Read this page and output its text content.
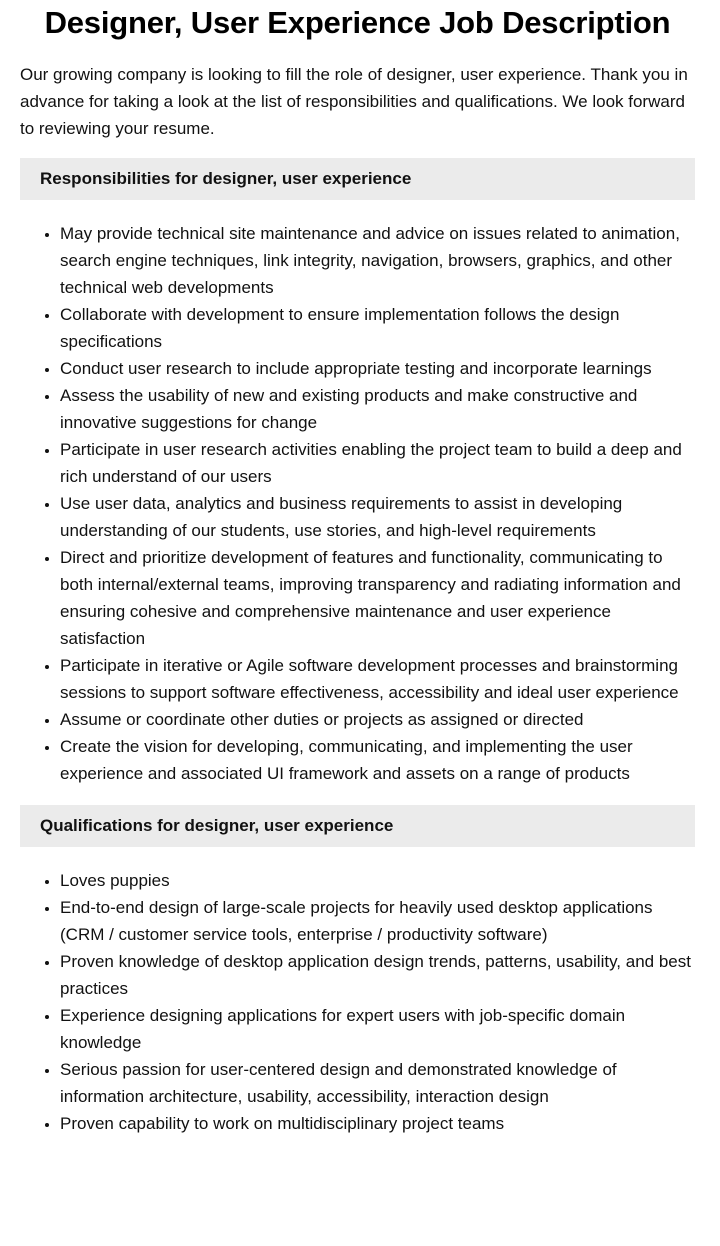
Designer, User Experience Job Description

Our growing company is looking to fill the role of designer, user experience. Thank you in advance for taking a look at the list of responsibilities and qualifications. We look forward to reviewing your resume.

Responsibilities for designer, user experience
• May provide technical site maintenance and advice on issues related to animation, search engine techniques, link integrity, navigation, browsers, graphics, and other technical web developments
• Collaborate with development to ensure implementation follows the design specifications
• Conduct user research to include appropriate testing and incorporate learnings
• Assess the usability of new and existing products and make constructive and innovative suggestions for change
• Participate in user research activities enabling the project team to build a deep and rich understand of our users
• Use user data, analytics and business requirements to assist in developing understanding of our students, use stories, and high-level requirements
• Direct and prioritize development of features and functionality, communicating to both internal/external teams, improving transparency and radiating information and ensuring cohesive and comprehensive maintenance and user experience satisfaction
• Participate in iterative or Agile software development processes and brainstorming sessions to support software effectiveness, accessibility and ideal user experience
• Assume or coordinate other duties or projects as assigned or directed
• Create the vision for developing, communicating, and implementing the user experience and associated UI framework and assets on a range of products
Qualifications for designer, user experience
• Loves puppies
• End-to-end design of large-scale projects for heavily used desktop applications (CRM / customer service tools, enterprise / productivity software)
• Proven knowledge of desktop application design trends, patterns, usability, and best practices
• Experience designing applications for expert users with job-specific domain knowledge
• Serious passion for user-centered design and demonstrated knowledge of information architecture, usability, accessibility, interaction design
• Proven capability to work on multidisciplinary project teams
